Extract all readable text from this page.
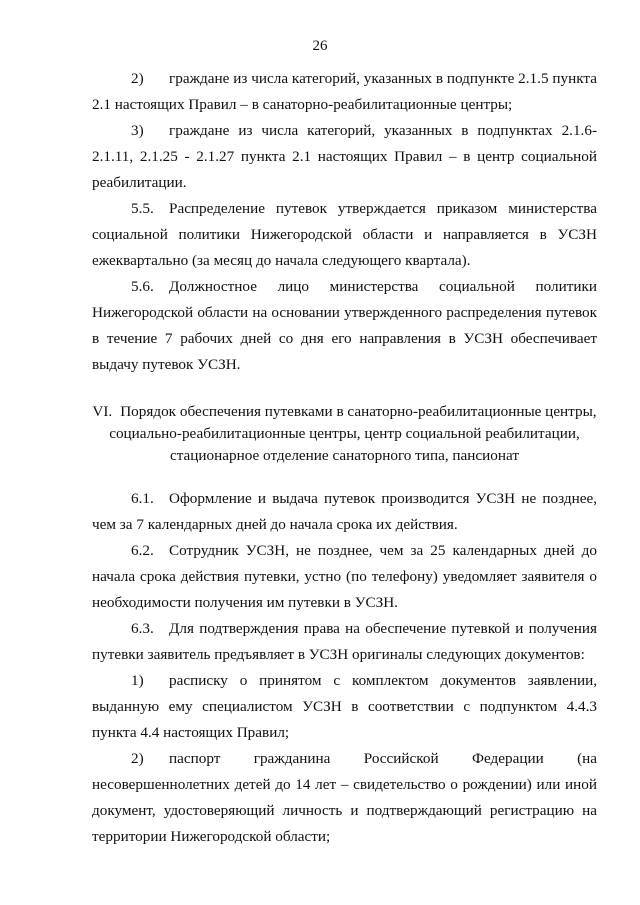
26

2) граждане из числа категорий, указанных в подпункте 2.1.5 пункта 2.1 настоящих Правил – в санаторно-реабилитационные центры;

3) граждане из числа категорий, указанных в подпунктах 2.1.6-2.1.11, 2.1.25 - 2.1.27 пункта 2.1 настоящих Правил – в центр социальной реабилитации.

5.5. Распределение путевок утверждается приказом министерства социальной политики Нижегородской области и направляется в УСЗН ежеквартально (за месяц до начала следующего квартала).

5.6. Должностное лицо министерства социальной политики Нижегородской области на основании утвержденного распределения путевок в течение 7 рабочих дней со дня его направления в УСЗН обеспечивает выдачу путевок УСЗН.

VI. Порядок обеспечения путевками в санаторно-реабилитационные центры, социально-реабилитационные центры, центр социальной реабилитации, стационарное отделение санаторного типа, пансионат

6.1. Оформление и выдача путевок производится УСЗН не позднее, чем за 7 календарных дней до начала срока их действия.

6.2. Сотрудник УСЗН, не позднее, чем за 25 календарных дней до начала срока действия путевки, устно (по телефону) уведомляет заявителя о необходимости получения им путевки в УСЗН.

6.3. Для подтверждения права на обеспечение путевкой и получения путевки заявитель предъявляет в УСЗН оригиналы следующих документов:

1) расписку о принятом с комплектом документов заявлении, выданную ему специалистом УСЗН в соответствии с подпунктом 4.4.3 пункта 4.4 настоящих Правил;

2) паспорт гражданина Российской Федерации (на несовершеннолетних детей до 14 лет – свидетельство о рождении) или иной документ, удостоверяющий личность и подтверждающий регистрацию на территории Нижегородской области;
